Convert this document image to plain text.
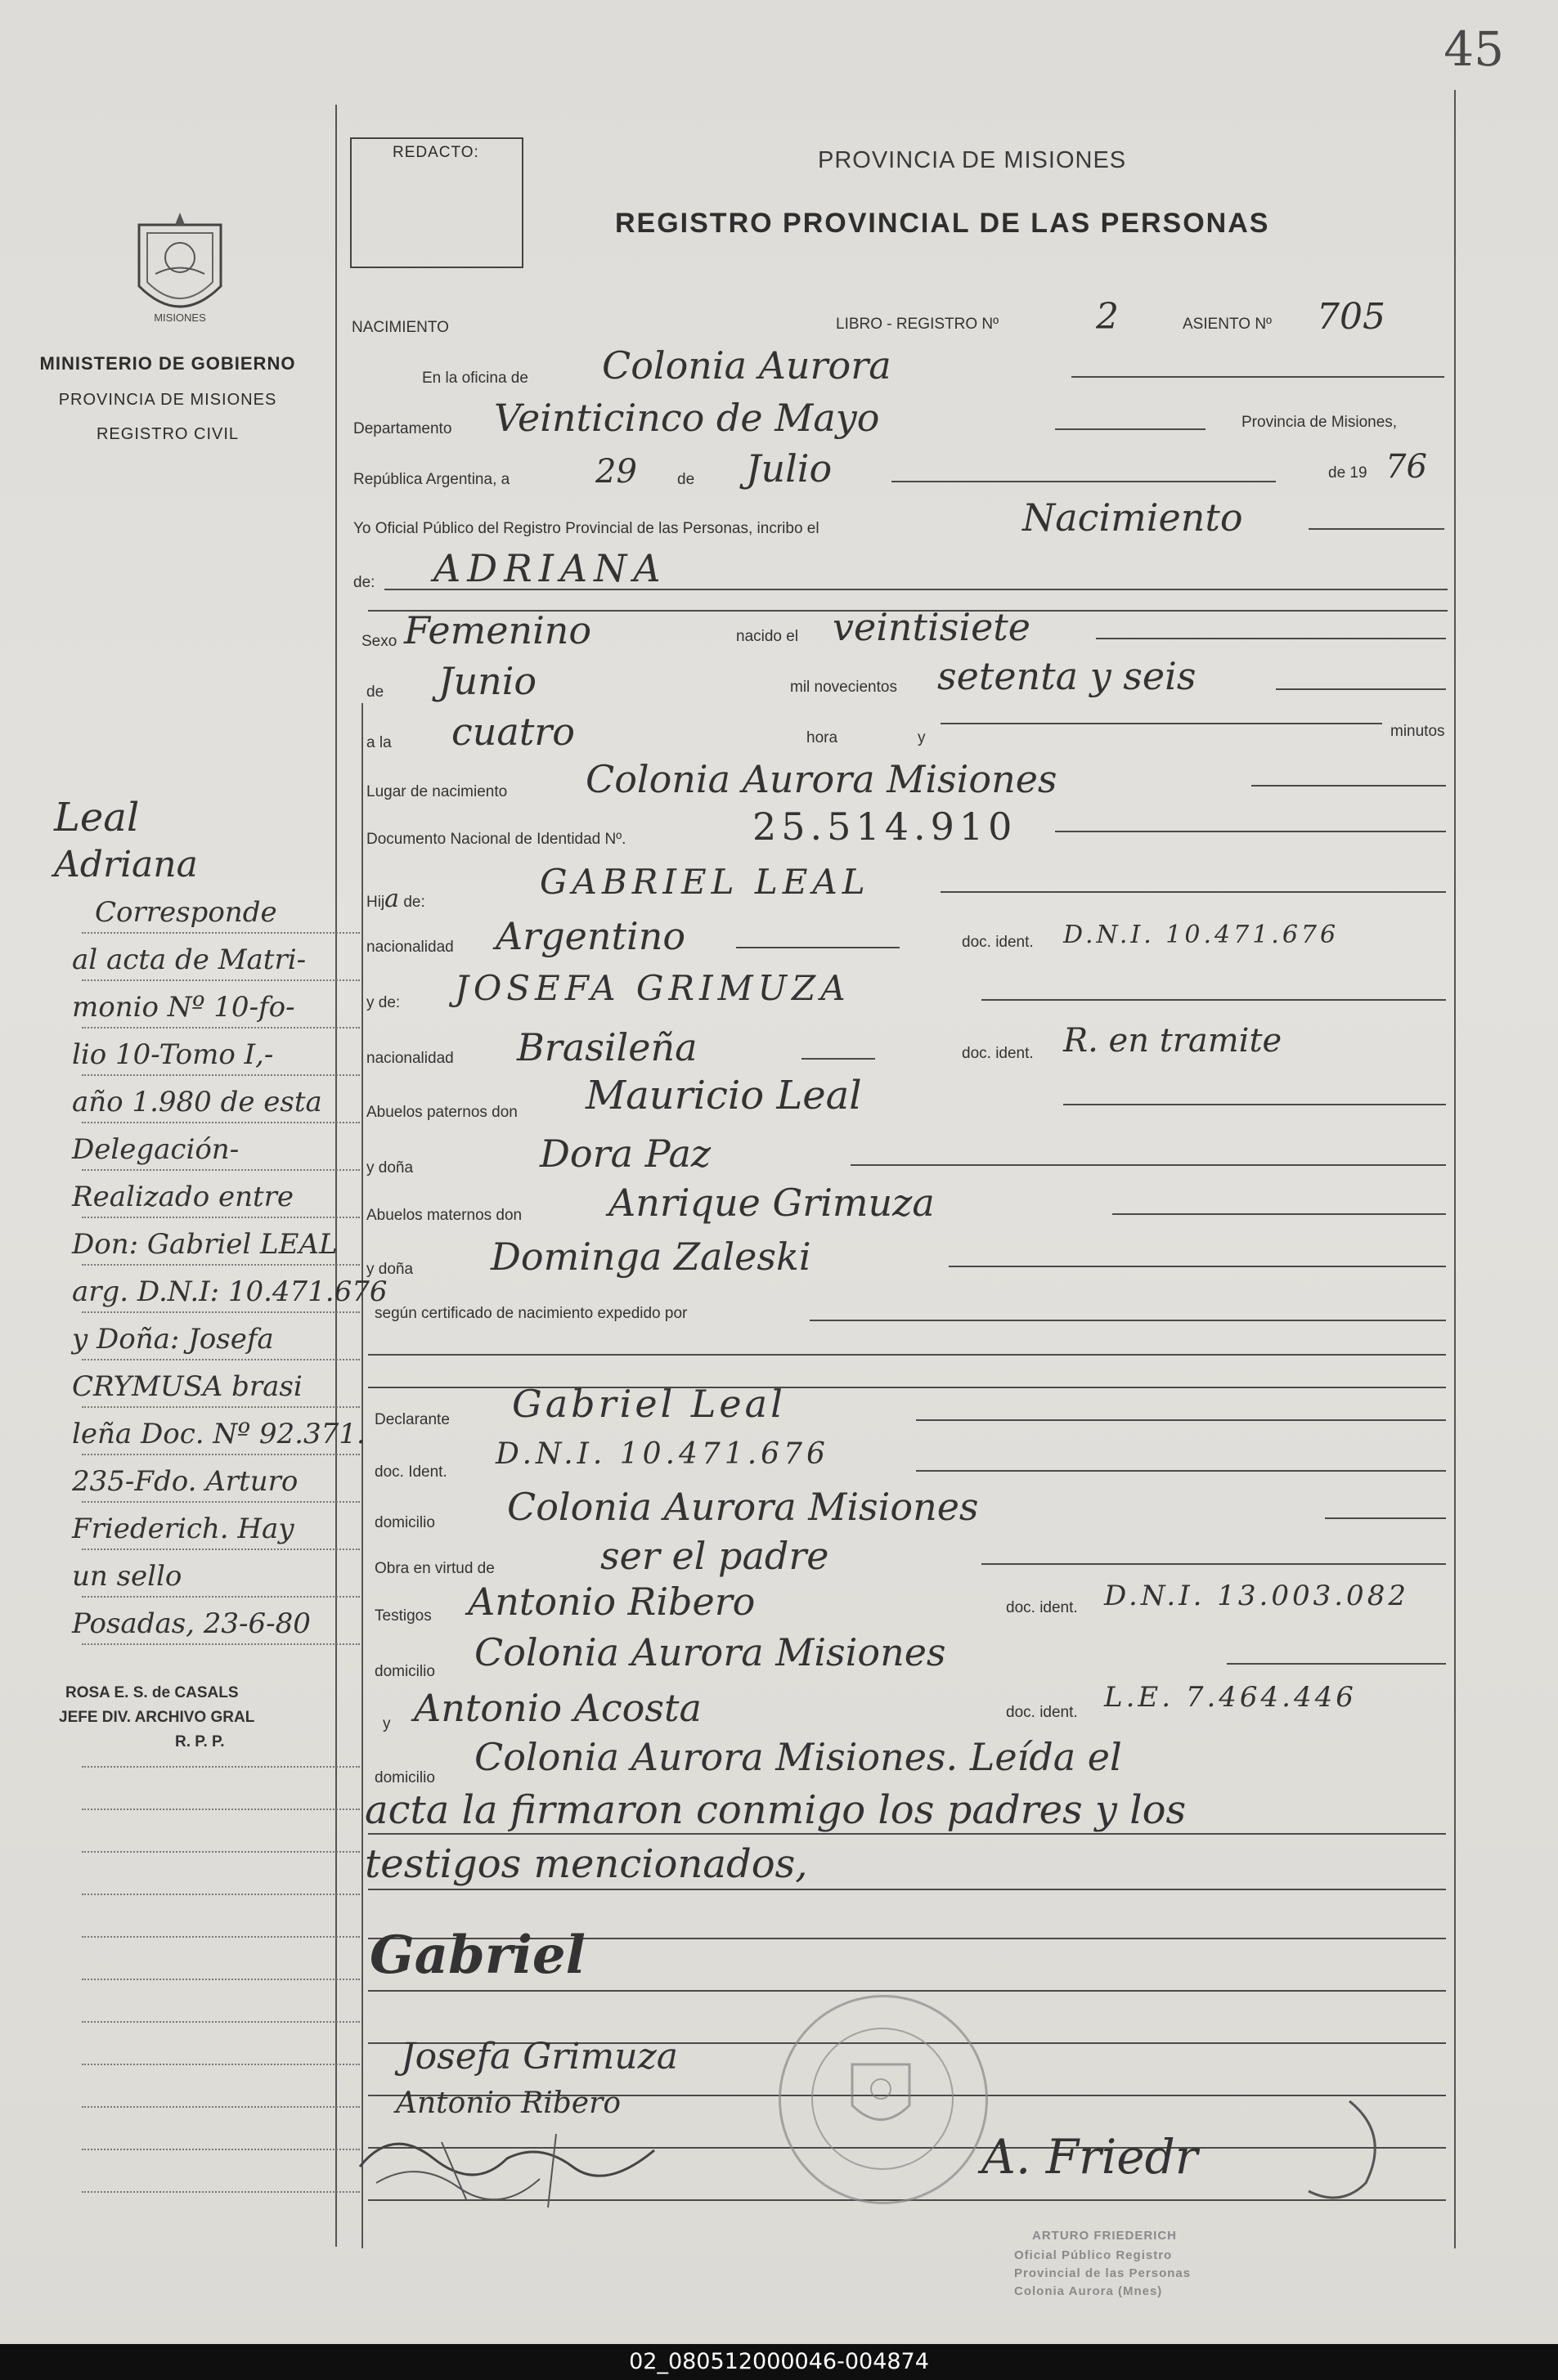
45
REDACTO:	PROVINCIA DE MISIONES
REGISTRO PROVINCIAL DE LAS PERSONAS
MISIONES
MINISTERIO DE GOBIERNO
PROVINCIA DE MISIONES
REGISTRO CIVIL
NACIMIENTO	LIBRO - REGISTRO Nº	2	ASIENTO Nº 705
En la oficina de Colonia Aurora
Departamento Veinticinco de Mayo	Provincia de Misiones,
República Argentina, a	29	de Julio	de 19 76
Yo Oficial Público del Registro Provincial de las Personas, incribo el	Nacimiento
de: ADRIANA
Sexo Femenino	nacido el veintisiete
de Junio	mil novecientos setenta y seis
a la cuatro	hora	y	minutos
Lugar de nacimiento Colonia Aurora Misiones
Documento Nacional de Identidad Nº.	25.514.910
Hija de:
GABRIEL LEAL
nacionalidad Argentino	doc. ident. D.N.I. 10.471.676
y de: JOSEFA GRIMUZA
nacionalidad Brasileña	doc. ident. R. en tramite
Abuelos paternos don Mauricio Leal
y doña	Dora Paz
Abuelos maternos don Anrique Grimuza
y doña Dominga Zaleski
según certificado de nacimiento expedido por
Declarante Gabriel Leal
doc. Ident.
D.N.I. 10.471.676
domicilio Colonia Aurora Misiones
Obra en virtud de	ser el padre
Testigos Antonio Ribero	doc. ident. D.N.I. 13.003.082
domicilio Colonia Aurora Misiones
y Antonio Acosta	doc. ident. L.E. 7.464.446
domicilio Colonia Aurora Misiones. Leída el
acta la firmaron conmigo los padres y los
testigos mencionados,
Gabriel
Josefa Grimuza
Antonio Ribero
A. Friedr
ARTURO FRIEDERICH
Oficial Público Registro
Provincial de las Personas
Colonia Aurora (Mnes)
Leal
Adriana
Corresponde
al acta de Matri-
monio Nº 10-fo-
lio 10-Tomo I,-
año 1.980 de esta
Delegación-
Realizado entre
Don: Gabriel LEAL
arg. D.N.I: 10.471.676
y Doña: Josefa
CRYMUSA brasi
leña Doc. Nº 92.371.
235-Fdo. Arturo
Friederich. Hay
un sello
Posadas, 23-6-80
ROSA E. S. de CASALS
JEFE DIV. ARCHIVO GRAL
R. P. P.
02_080512000046-004874
